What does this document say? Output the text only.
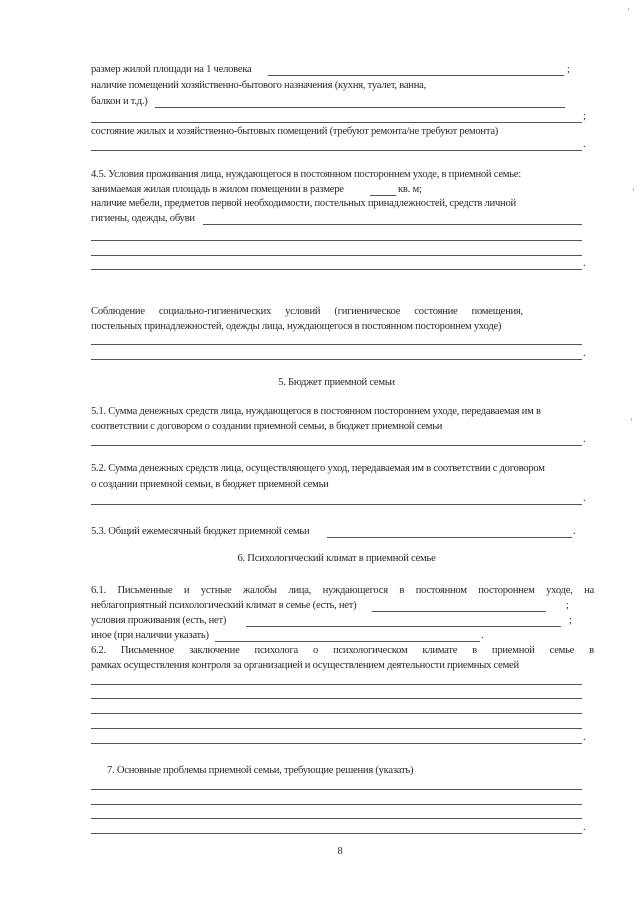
размер жилой площади на 1 человека	;
наличие помещений хозяйственно-бытового назначения (кухня, туалет, ванна,
балкон и т.д.)
;
состояние жилых и хозяйственно-бытовых помещений (требуют ремонта/не требуют ремонта)
.
4.5. Условия проживания лица, нуждающегося в постоянном постороннем уходе, в приемной семье:
занимаемая жилая площадь в жилом помещении в размере	кв. м;
наличие мебели, предметов первой необходимости, постельных принадлежностей, средств личной
гигиены, одежды, обуви
.
Соблюдение социально-гигиенических условий (гигиеническое состояние помещения,
постельных принадлежностей, одежды лица, нуждающегося в постоянном постороннем уходе)
.
5. Бюджет приемной семьи
5.1. Сумма денежных средств лица, нуждающегося в постоянном постороннем уходе, передаваемая им в
соответствии с договором о создании приемной семьи, в бюджет приемной семьи
.
5.2. Сумма денежных средств лица, осуществляющего уход, передаваемая им в соответствии с договором
о создании приемной семьи, в бюджет приемной семьи
.
5.3. Общий ежемесячный бюджет приемной семьи	.
6. Психологический климат в приемной семье
6.1. Письменные и устные жалобы лица, нуждающегося в постоянном постороннем уходе, на
неблагоприятный психологический климат в семье (есть, нет)	;
условия проживания (есть, нет)	;
иное (при наличии указать)	.
6.2. Письменное заключение психолога о психологическом климате в приемной семье в
рамках осуществления контроля за организацией и осуществлением деятельности приемных семей
.
7. Основные проблемы приемной семьи, требующие решения (указать)
.
8
